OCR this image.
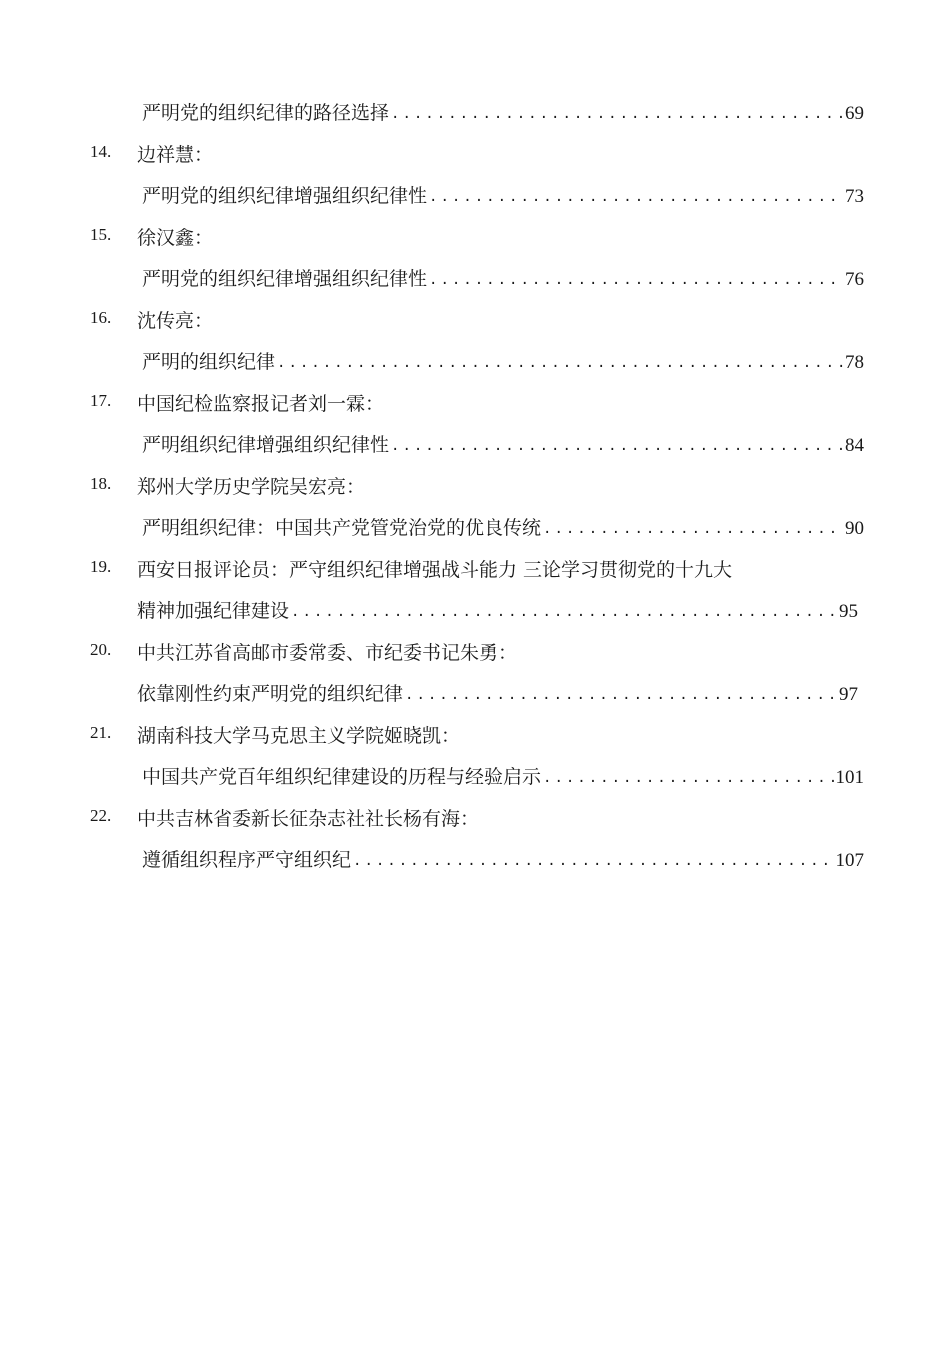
严明党的组织纪律的路径选择 .....	69
14. 边祥慧：
严明党的组织纪律增强组织纪律性 .....	73
15. 徐汉鑫：
严明党的组织纪律增强组织纪律性 .....	76
16. 沈传亮：
严明的组织纪律 .....	78
17. 中国纪检监察报记者刘一霖：
严明组织纪律增强组织纪律性 .....	84
18. 郑州大学历史学院吴宏亮：
严明组织纪律：中国共产党管党治党的优良传统 .....	90
19. 西安日报评论员：严守组织纪律增强战斗能力 三论学习贯彻党的十九大
精神加强纪律建设 .....	95
20. 中共江苏省高邮市委常委、市纪委书记朱勇：
依靠刚性约束严明党的组织纪律 .....	97
21. 湖南科技大学马克思主义学院姬晓凯：
中国共产党百年组织纪律建设的历程与经验启示 .....	101
22. 中共吉林省委新长征杂志社社长杨有海：
遵循组织程序严守组织纪 .....	107
